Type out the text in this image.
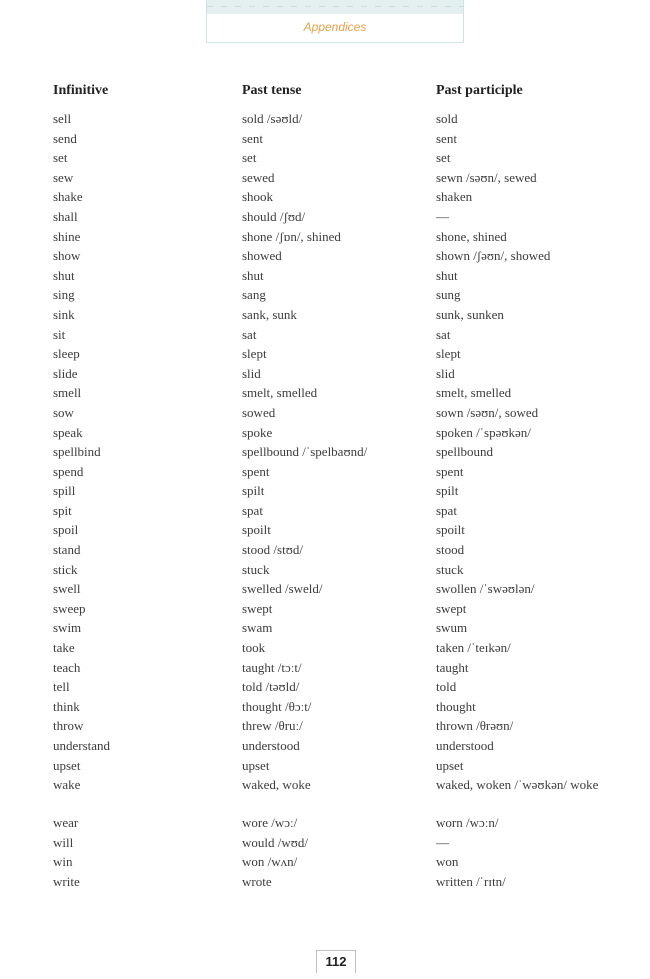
Appendices
Infinitive	Past tense	Past participle
sell	sold /səʊld/	sold
send	sent	sent
set	set	set
sew	sewed	sewn /səʊn/, sewed
shake	shook	shaken
shall	should /ʃʊd/	—
shine	shone /ʃɒn/, shined	shone, shined
show	showed	shown /ʃəʊn/, showed
shut	shut	shut
sing	sang	sung
sink	sank, sunk	sunk, sunken
sit	sat	sat
sleep	slept	slept
slide	slid	slid
smell	smelt, smelled	smelt, smelled
sow	sowed	sown /səʊn/, sowed
speak	spoke	spoken /ˈspəʊkən/
spellbind	spellbound /ˈspelbaʊnd/	spellbound
spend	spent	spent
spill	spilt	spilt
spit	spat	spat
spoil	spoilt	spoilt
stand	stood /stʊd/	stood
stick	stuck	stuck
swell	swelled /sweld/	swollen /ˈswəʊlən/
sweep	swept	swept
swim	swam	swum
take	took	taken /ˈteɪkən/
teach	taught /tɔːt/	taught
tell	told /təʊld/	told
think	thought /θɔːt/	thought
throw	threw /θruː/	thrown /θrəʊn/
understand	understood	understood
upset	upset	upset
wake	waked, woke	waked, woken /ˈwəʊkən/ woke
wear	wore /wɔː/	worn /wɔːn/
will	would /wʊd/	—
win	won /wʌn/	won
write	wrote	written /ˈrɪtn/
112
